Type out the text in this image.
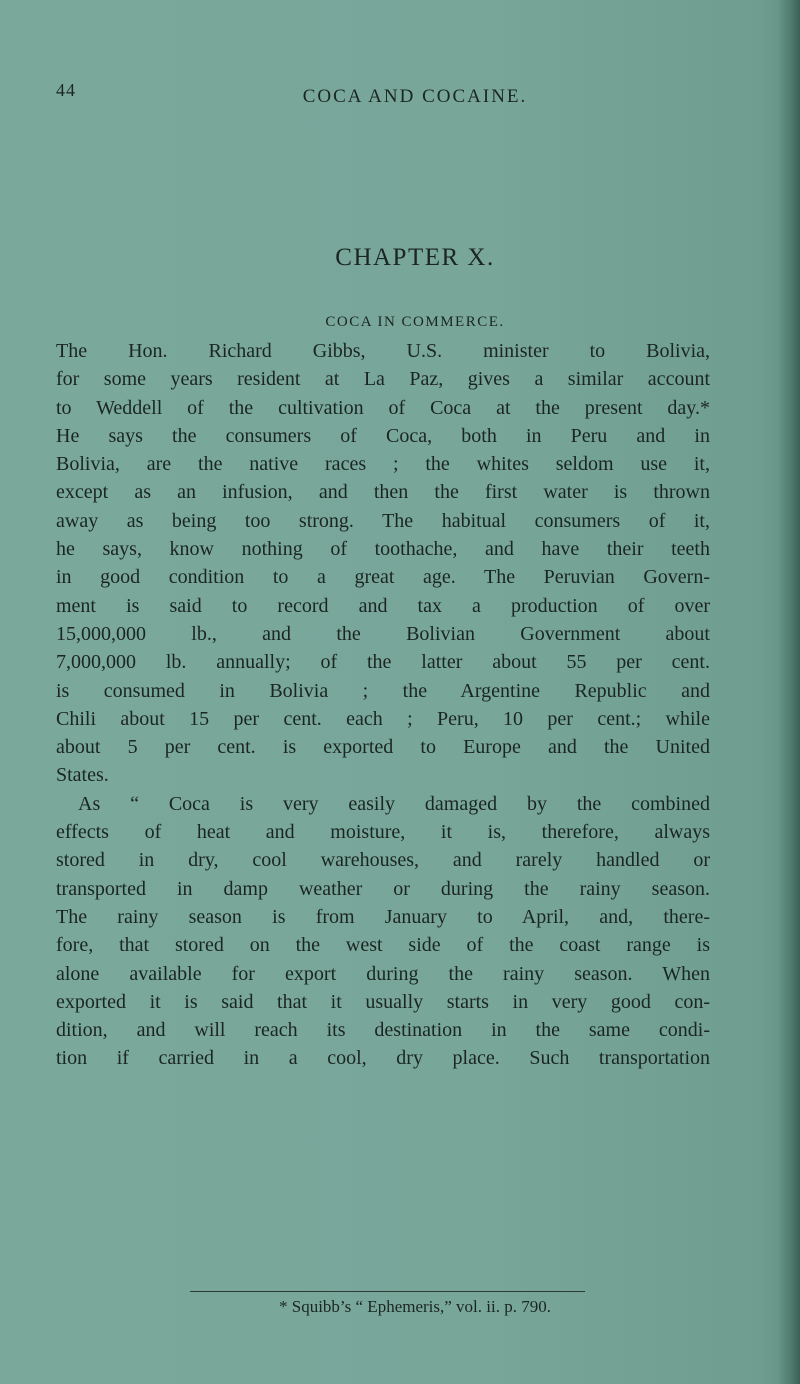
44	COCA AND COCAINE.
CHAPTER X.
COCA IN COMMERCE.
The Hon. Richard Gibbs, U.S. minister to Bolivia,
for some years resident at La Paz, gives a similar account
to Weddell of the cultivation of Coca at the present day.*
He says the consumers of Coca, both in Peru and in
Bolivia, are the native races ; the whites seldom use it,
except as an infusion, and then the first water is thrown
away as being too strong. The habitual consumers of it,
he says, know nothing of toothache, and have their teeth
in good condition to a great age. The Peruvian Govern-
ment is said to record and tax a production of over
15,000,000 lb., and the Bolivian Government about
7,000,000 lb. annually; of the latter about 55 per cent.
is consumed in Bolivia ; the Argentine Republic and
Chili about 15 per cent. each ; Peru, 10 per cent.; while
about 5 per cent. is exported to Europe and the United
States.
As “ Coca is very easily damaged by the combined
effects of heat and moisture, it is, therefore, always
stored in dry, cool warehouses, and rarely handled or
transported in damp weather or during the rainy season.
The rainy season is from January to April, and, there-
fore, that stored on the west side of the coast range is
alone available for export during the rainy season. When
exported it is said that it usually starts in very good con-
dition, and will reach its destination in the same condi-
tion if carried in a cool, dry place. Such transportation
* Squibb’s “ Ephemeris,” vol. ii. p. 790.
